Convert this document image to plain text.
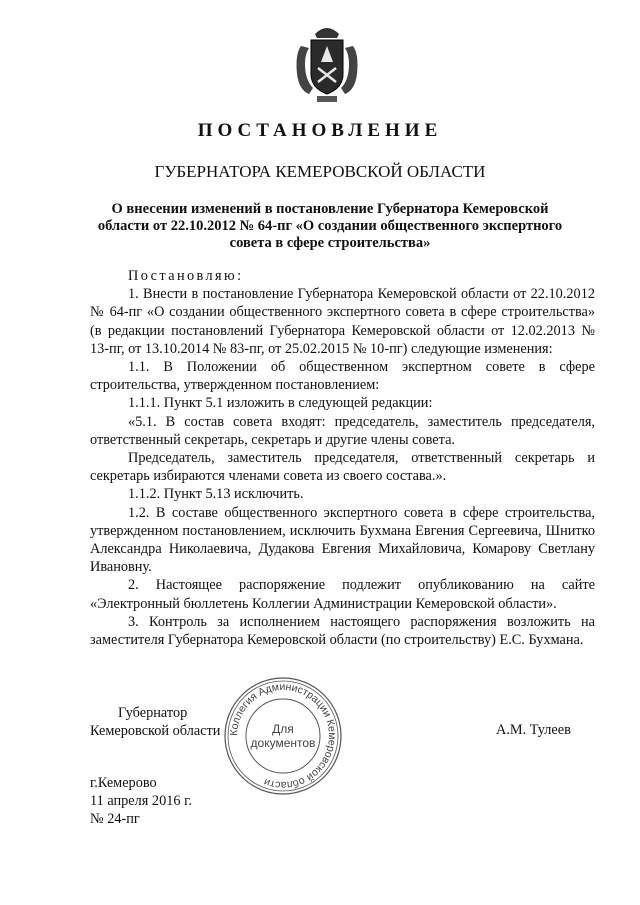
ПОСТАНОВЛЕНИЕ
ГУБЕРНАТОРА КЕМЕРОВСКОЙ ОБЛАСТИ
О внесении изменений в постановление Губернатора Кемеровской области от 22.10.2012 № 64-пг «О создании общественного экспертного совета в сфере строительства»

Постановляю:

1. Внести в постановление Губернатора Кемеровской области от 22.10.2012 № 64-пг «О создании общественного экспертного совета в сфере строительства» (в редакции постановлений Губернатора Кемеровской области от 12.02.2013 № 13-пг, от 13.10.2014 № 83-пг, от 25.02.2015 № 10-пг) следующие изменения:

1.1. В Положении об общественном экспертном совете в сфере строительства, утвержденном постановлением:

1.1.1. Пункт 5.1 изложить в следующей редакции:

«5.1. В состав совета входят: председатель, заместитель председателя, ответственный секретарь, секретарь и другие члены совета.

Председатель, заместитель председателя, ответственный секретарь и секретарь избираются членами совета из своего состава.».

1.1.2. Пункт 5.13 исключить.

1.2. В составе общественного экспертного совета в сфере строительства, утвержденном постановлением, исключить Бухмана Евгения Сергеевича, Шнитко Александра Николаевича, Дудакова Евгения Михайловича, Комарову Светлану Ивановну.

2. Настоящее распоряжение подлежит опубликованию на сайте «Электронный бюллетень Коллегии Администрации Кемеровской области».

3. Контроль за исполнением настоящего распоряжения возложить на заместителя Губернатора Кемеровской области (по строительству) Е.С. Бухмана.

Губернатор
Кемеровской области Коллегия Администрации Кемеровской области
Для
документов
А.М. Тулеев
г.Кемерово
11 апреля 2016 г.
№ 24-пг
